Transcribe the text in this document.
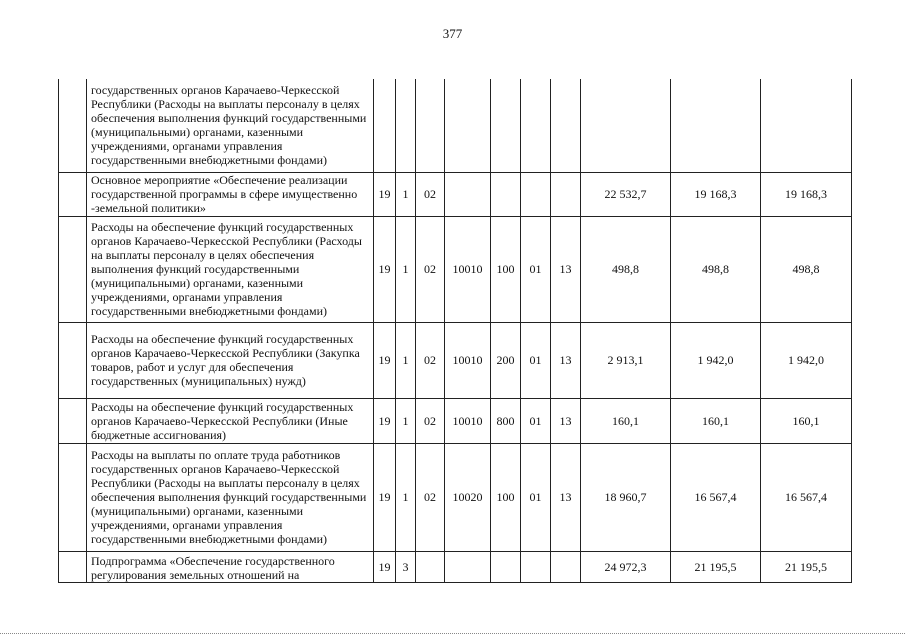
377
	государственных органов Карачаево-Черкесской Республики (Расходы на выплаты персоналу в целях обеспечения выполнения функций государственными (муниципальными) органами, казенными учреждениями, органами управления государственными внебюджетными фондами)										
	Основное мероприятие «Обеспечение реализации государственной программы в сфере имущественно -земельной политики»	19	1	02					22 532,7	19 168,3	19 168,3
	Расходы на обеспечение функций государственных органов Карачаево-Черкесской Республики (Расходы на выплаты персоналу в целях обеспечения выполнения функций государственными (муниципальными) органами, казенными учреждениями, органами управления государственными внебюджетными фондами)	19	1	02	10010	100	01	13	498,8	498,8	498,8
	Расходы на обеспечение функций государственных органов Карачаево-Черкесской Республики (Закупка товаров, работ и услуг для обеспечения государственных (муниципальных) нужд)	19	1	02	10010	200	01	13	2 913,1	1 942,0	1 942,0
	Расходы на обеспечение функций государственных органов Карачаево-Черкесской Республики (Иные бюджетные ассигнования)	19	1	02	10010	800	01	13	160,1	160,1	160,1
	Расходы на выплаты по оплате труда работников государственных органов Карачаево-Черкесской Республики (Расходы на выплаты персоналу в целях обеспечения выполнения функций государственными (муниципальными) органами, казенными учреждениями, органами управления государственными внебюджетными фондами)	19	1	02	10020	100	01	13	18 960,7	16 567,4	16 567,4
	Подпрограмма «Обеспечение государственного регулирования земельных отношений на	19	3						24 972,3	21 195,5	21 195,5
